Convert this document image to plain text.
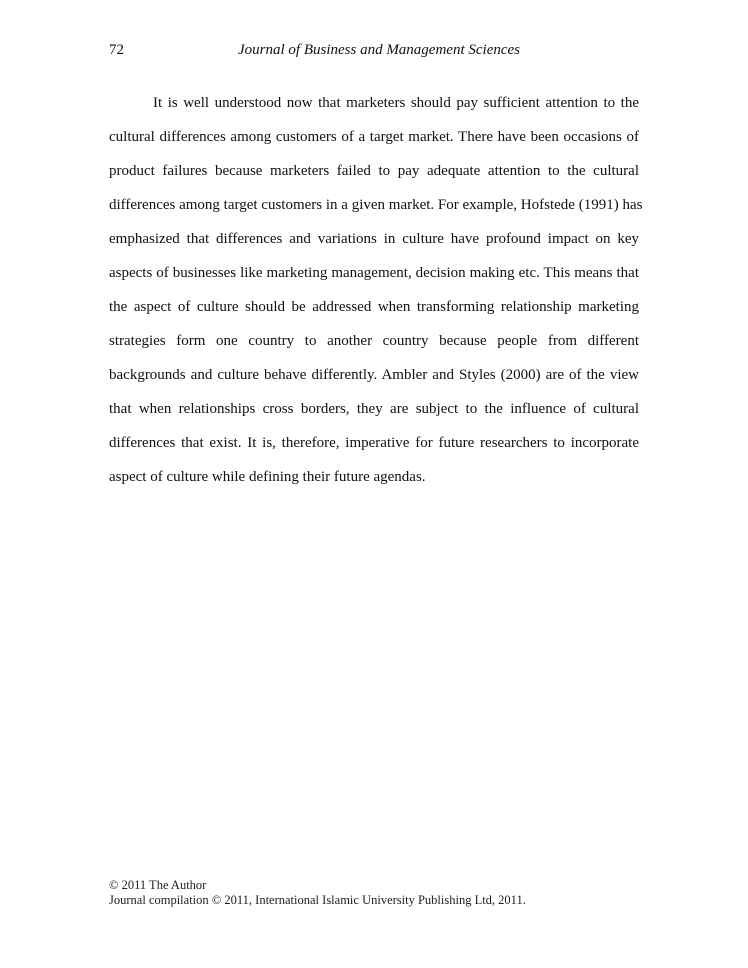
72	Journal of Business and Management Sciences

It is well understood now that marketers should pay sufficient attention to the
cultural differences among customers of a target market. There have been occasions of
product failures because marketers failed to pay adequate attention to the cultural
differences among target customers in a given market. For example, Hofstede (1991) has
emphasized that differences and variations in culture have profound impact on key
aspects of businesses like marketing management, decision making etc. This means that
the aspect of culture should be addressed when transforming relationship marketing
strategies form one country to another country because people from different
backgrounds and culture behave differently. Ambler and Styles (2000) are of the view
that when relationships cross borders, they are subject to the influence of cultural
differences that exist. It is, therefore, imperative for future researchers to incorporate
aspect of culture while defining their future agendas.

© 2011 The Author
Journal compilation © 2011, International Islamic University Publishing Ltd, 2011.
